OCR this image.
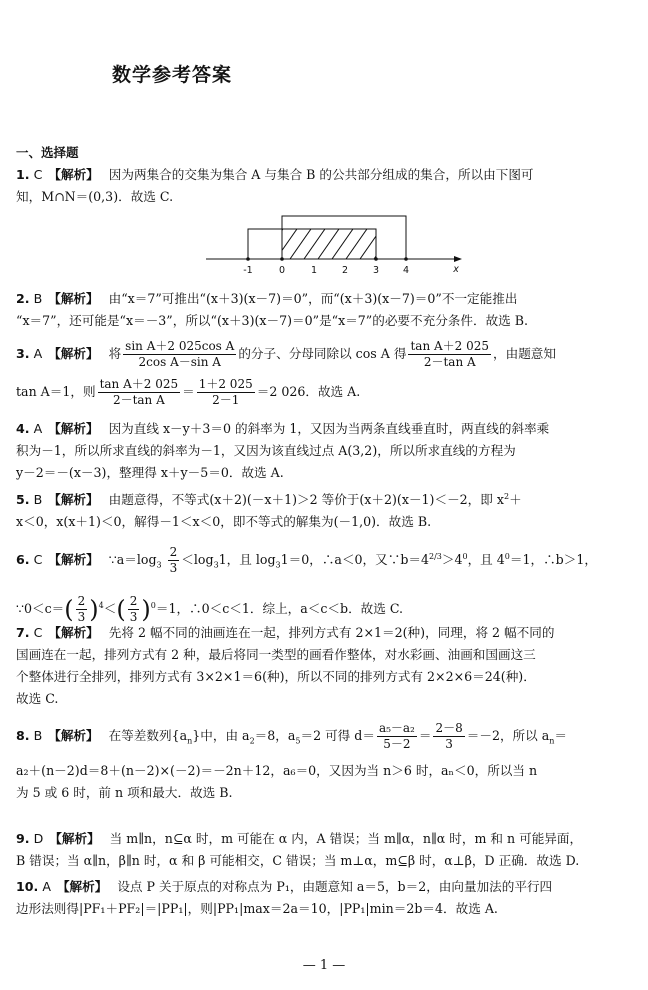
数学参考答案
一、选择题
1. C 【解析】 因为两集合的交集为集合 A 与集合 B 的公共部分组成的集合，所以由下图可
知，M∩N＝(0,3)．故选 C.
-1	0	1	2	3	4	x
2. B 【解析】 由“x＝7”可推出“(x＋3)(x－7)＝0”，而“(x＋3)(x－7)＝0”不一定能推出
“x＝7”，还可能是“x＝－3”，所以“(x＋3)(x－7)＝0”是“x＝7”的必要不充分条件．故选 B.
3. A 【解析】 将 $\frac{\text{sin A＋2 025cos A}}{\text{2cos A－sin A}}$ 的分子、分母同除以 cos A 得 $\frac{\text{tan A＋2 025}}{\text{2－tan A}}$ ，由题意知
tan A＝1，则 $\frac{\text{tan A＋2 025}}{\text{2－tan A}} = \frac{1+2 025}{2-1} =2$ 026．故选 A.
4. A 【解析】 因为直线 x－y＋3＝0 的斜率为 1，又因为当两条直线垂直时，两直线的斜率乘
积为－1，所以所求直线的斜率为－1，又因为该直线过点 A(3,2)，所以所求直线的方程为
y－2＝－(x－3)，整理得 x＋y－5＝0．故选 A.
5. B 【解析】 由题意得，不等式(x＋2)(－x＋1)＞2 等价于(x＋2)(x－1)＜－2，即 $x^2+$
x＜0，x(x＋1)＜0，解得－1＜x＜0，即不等式的解集为(－1,0)．故选 B.
6. C 【解析】 $\because a=\log_3 \frac{2}{3} <\log_31$，且 $\log_31=0$，∴a＜0，又$\because b=4^{2/3}>4^0$，且 $4^0=1$，∴b＞1，
∵0＜c＝( $\frac{2}{3} )^4<( \frac{2}{3} )^0=1$，∴0＜c＜1．综上，a＜c＜b．故选 C.
7. C 【解析】 先将 2 幅不同的油画连在一起，排列方式有 2×1＝2(种)，同理，将 2 幅不同的
国画连在一起，排列方式有 2 种，最后将同一类型的画看作整体，对水彩画、油画和国画这三
个整体进行全排列，排列方式有 3×2×1＝6(种)，所以不同的排列方式有 2×2×6＝24(种)．
故选 C.
8. B 【解析】 在等差数列$\{a_n\}$中，由 $a_2=8$，$a_5=2$ 可得 $d= \frac{\text{a₅－a₂}}{5-2} = \frac{2-8}{3} =-2$，所以 $a_n=$
a₂＋(n－2)d＝8＋(n－2)×(－2)＝－2n＋12，a₆＝0，又因为当 n＞6 时，aₙ＜0，所以当 n
为 5 或 6 时，前 n 项和最大．故选 B.
9. D 【解析】 当 m∥n，n⊆α 时，m 可能在 α 内，A 错误；当 m∥α，n∥α 时，m 和 n 可能异面，
B 错误；当 α∥n，β∥n 时，α 和 β 可能相交，C 错误；当 m⊥α，m⊆β 时，α⊥β，D 正确．故选 D.
10. A 【解析】 设点 P 关于原点的对称点为 P₁，由题意知 a＝5，b＝2，由向量加法的平行四
边形法则得|PF₁＋PF₂|＝|PP₁|，则|PP₁|max＝2a＝10，|PP₁|min＝2b＝4．故选 A.
— 1 —
